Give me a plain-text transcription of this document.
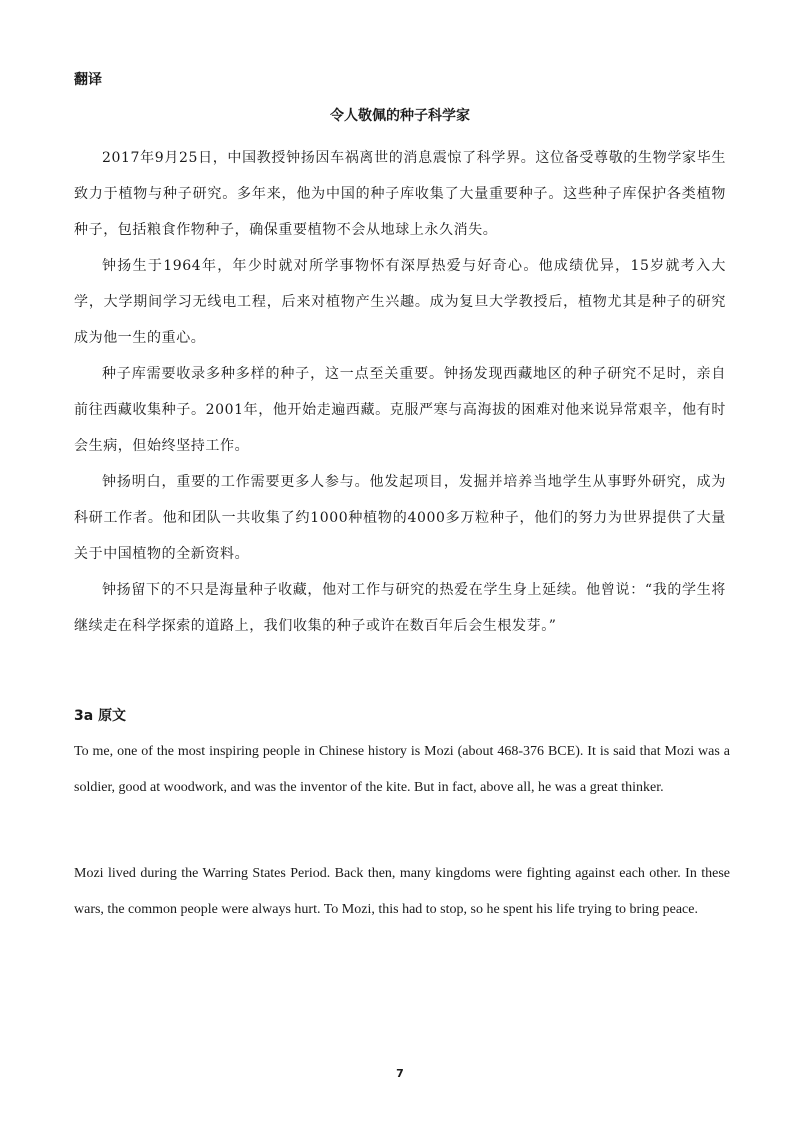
翻译
令人敬佩的种子科学家

2017年9月25日，中国教授钟扬因车祸离世的消息震惊了科学界。这位备受尊敬的生物学家毕生致力于植物与种子研究。多年来，他为中国的种子库收集了大量重要种子。这些种子库保护各类植物种子，包括粮食作物种子，确保重要植物不会从地球上永久消失。

钟扬生于1964年，年少时就对所学事物怀有深厚热爱与好奇心。他成绩优异，15岁就考入大学，大学期间学习无线电工程，后来对植物产生兴趣。成为复旦大学教授后，植物尤其是种子的研究成为他一生的重心。

种子库需要收录多种多样的种子，这一点至关重要。钟扬发现西藏地区的种子研究不足时，亲自前往西藏收集种子。2001年，他开始走遍西藏。克服严寒与高海拔的困难对他来说异常艰辛，他有时会生病，但始终坚持工作。

钟扬明白，重要的工作需要更多人参与。他发起项目，发掘并培养当地学生从事野外研究，成为科研工作者。他和团队一共收集了约1000种植物的4000多万粒种子，他们的努力为世界提供了大量关于中国植物的全新资料。

钟扬留下的不只是海量种子收藏，他对工作与研究的热爱在学生身上延续。他曾说：“我的学生将继续走在科学探索的道路上，我们收集的种子或许在数百年后会生根发芽。”

3a 原文

To me, one of the most inspiring people in Chinese history is Mozi (about 468-376 BCE). It is said that Mozi was a soldier, good at woodwork, and was the inventor of the kite. But in fact, above all, he was a great thinker.

Mozi lived during the Warring States Period. Back then, many kingdoms were fighting against each other. In these wars, the common people were always hurt. To Mozi, this had to stop, so he spent his life trying to bring peace.

7
